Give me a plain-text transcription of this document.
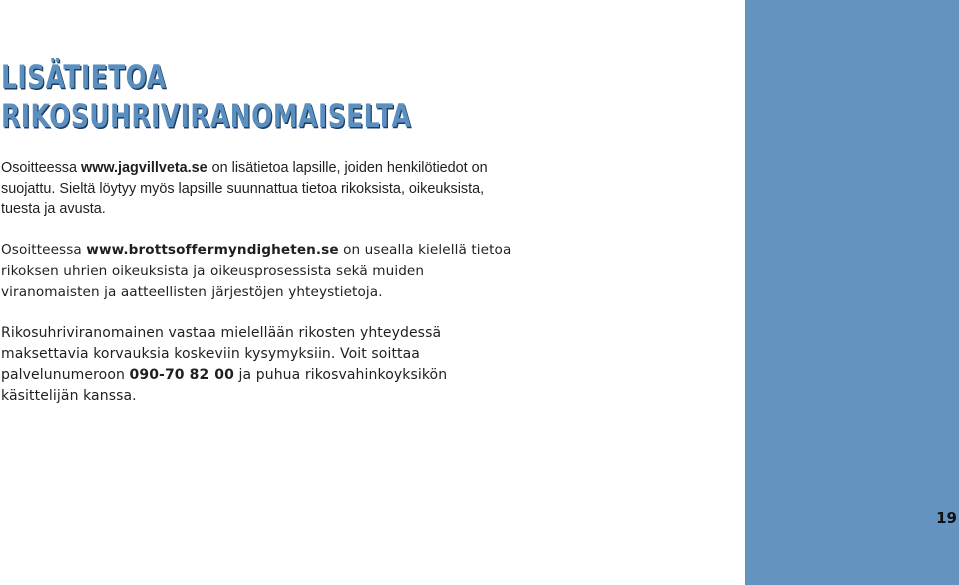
LISÄTIETOA
RIKOSUHRIVIRANOMAISELTA

Osoitteessa www.jagvillveta.se on lisätietoa lapsille, joiden henkilötiedot on suojattu. Sieltä löytyy myös lapsille suunnattua tietoa rikoksista, oikeuksista, tuesta ja avusta.

Osoitteessa www.brottsoffermyndigheten.se on usealla kielellä tietoa rikoksen uhrien oikeuksista ja oikeusprosessista sekä muiden viranomaisten ja aatteellisten järjestöjen yhteystietoja.

Rikosuhriviranomainen vastaa mielellään rikosten yhteydessä maksettavia korvauksia koskeviin kysymyksiin. Voit soittaa palvelunumeroon 090-70 82 00 ja puhua rikosvahinkoyksikön käsittelijän kanssa.

19
